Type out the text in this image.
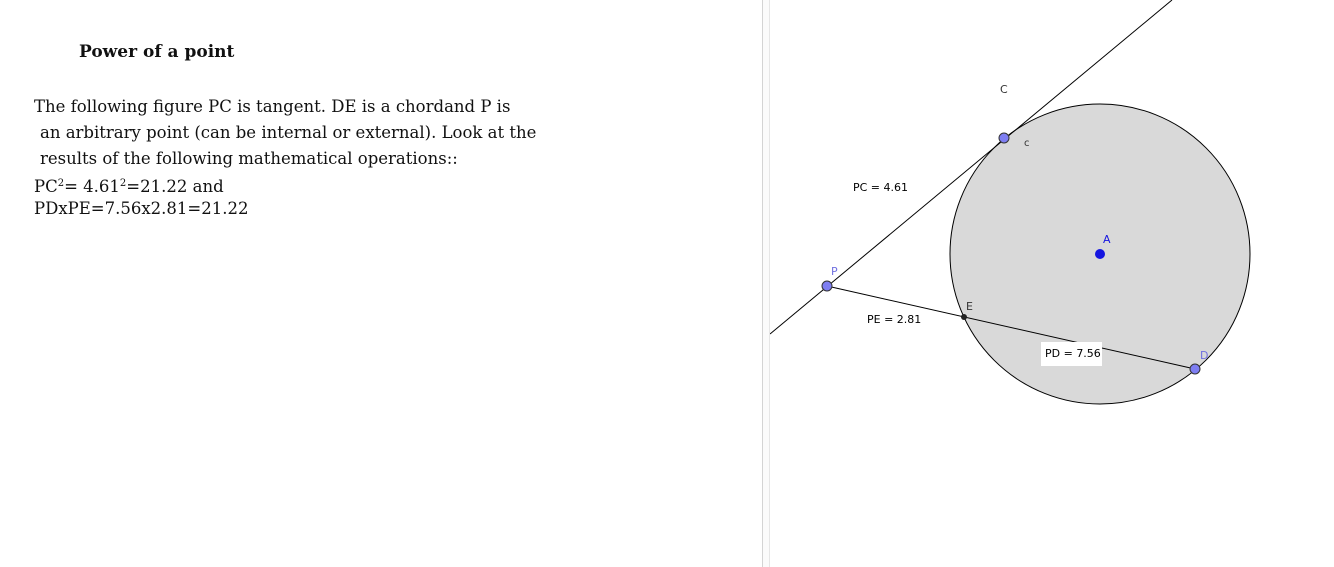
Power of a point
The following figure PC is tangent. DE is a chordand P is
an arbitrary point (can be internal or external). Look at the
results of the following mathematical operations::
$PC^2= 4.61^2=21.22$ and
PDxPE=7.56x2.81=21.22
C
c
A
P
E
D
PC = 4.61
PE = 2.81
PD = 7.56
